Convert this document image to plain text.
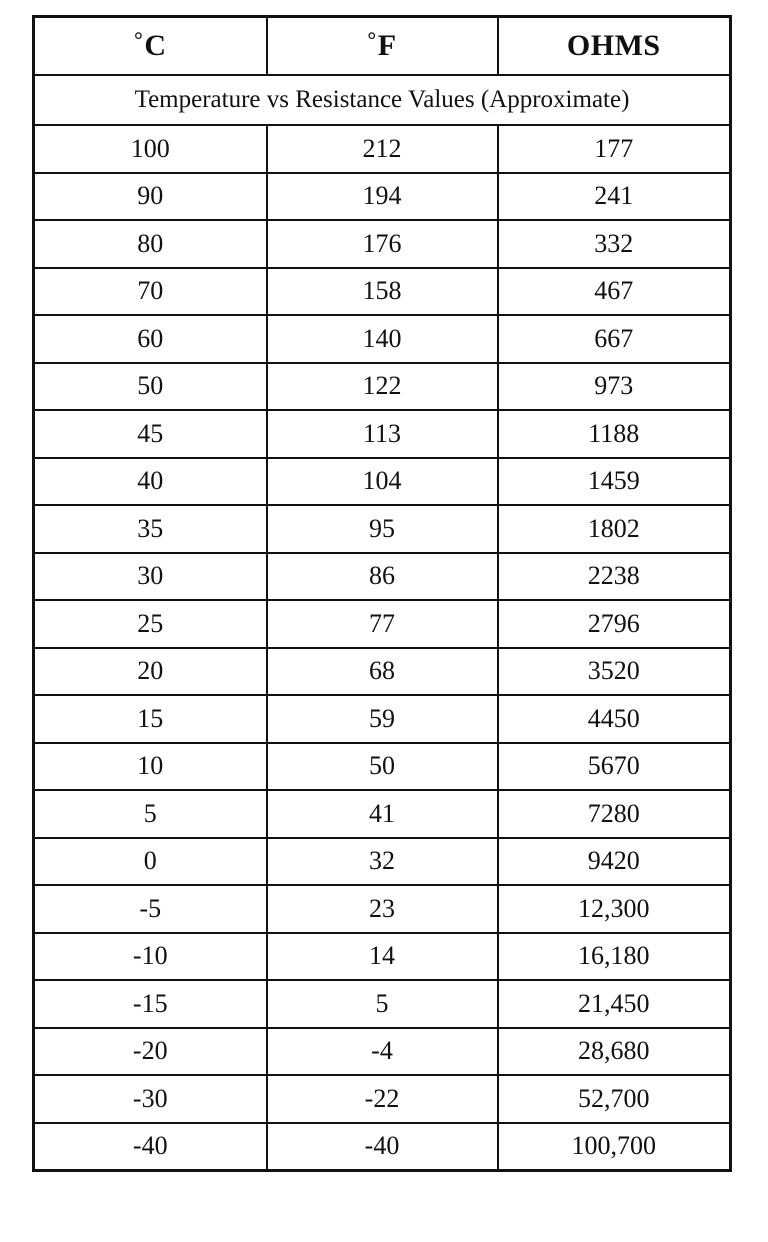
°C	°F	OHMS
Temperature vs Resistance Values (Approximate)		
100	212	177
90	194	241
80	176	332
70	158	467
60	140	667
50	122	973
45	113	1188
40	104	1459
35	95	1802
30	86	2238
25	77	2796
20	68	3520
15	59	4450
10	50	5670
5	41	7280
0	32	9420
-5	23	12,300
-10	14	16,180
-15	5	21,450
-20	-4	28,680
-30	-22	52,700
-40	-40	100,700
